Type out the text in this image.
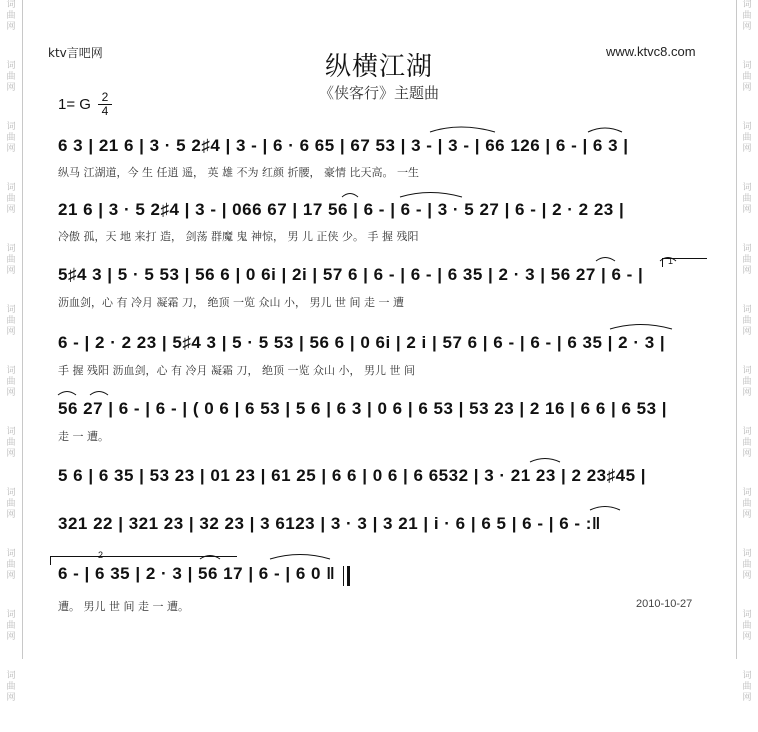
词
曲
网
词
曲
网
词
曲
网
词
曲
网
词
曲
网
词
曲
网
词
曲
网
词
曲
网
词
曲
网
词
曲
网
词
曲
网
词
曲
网
词
曲
网
词
曲
网
词
曲
网
词
曲
网
词
曲
网
词
曲
网
词
曲
网
词
曲
网
词
曲
网
词
曲
网
词
曲
网
词
曲
网
ktv言吧网	www.ktvc8.com
纵横江湖
《侠客行》主题曲
1= G 2
4
6 3 | 21 6 | 3 · 5 2♯4 | 3 - | 6 · 6 65 | 67 53 | 3 - | 3 - | 66 126 | 6 - | 6 3 |
纵马 江湖道，今 生 任逍 遥， 英 雄 不为 红颜 折腰， 豪情 比天高。 一生
21 6 | 3 · 5 2♯4 | 3 - | 066 67 | 17 56 | 6 - | 6 - | 3 · 5 27 | 6 - | 2 · 2 23 |
冷傲 孤，天 地 来打 造， 剑荡 群魔 鬼 神惊， 男 儿 正侠 少。 手 握 残阳
5♯4 3 | 5 · 5 53 | 56 6 | 0 6i | 2i | 57 6 | 6 - | 6 - | 6 35 | 2 · 3 | 56 27 | 6 - |
沥血剑，心 有 冷月 凝霜 刀， 绝顶 一览 众山 小， 男儿 世 间 走 一 遭
6 - | 2 · 2 23 | 5♯4 3 | 5 · 5 53 | 56 6 | 0 6i | 2 i | 57 6 | 6 - | 6 - | 6 35 | 2 · 3 |
手 握 残阳 沥血剑，心 有 冷月 凝霜 刀， 绝顶 一览 众山 小， 男儿 世 间
56 27 | 6 - | 6 - | ( 0 6 | 6 53 | 5 6 | 6 3 | 0 6 | 6 53 | 53 23 | 2 16 | 6 6 | 6 53 |
走 一 遭。
5 6 | 6 35 | 53 23 | 01 23 | 61 25 | 6 6 | 0 6 | 6 6532 | 3 · 21 23 | 2 23♯45 |
321 22 | 321 23 | 32 23 | 3 6123 | 3 · 3 | 3 21 | i · 6 | 6 5 | 6 - | 6 - :‖
6 - | 6 35 | 2 · 3 | 56 17 | 6 - | 6 0 ‖
遭。 男儿 世 间 走 一 遭。
1
2
2010-10-27
